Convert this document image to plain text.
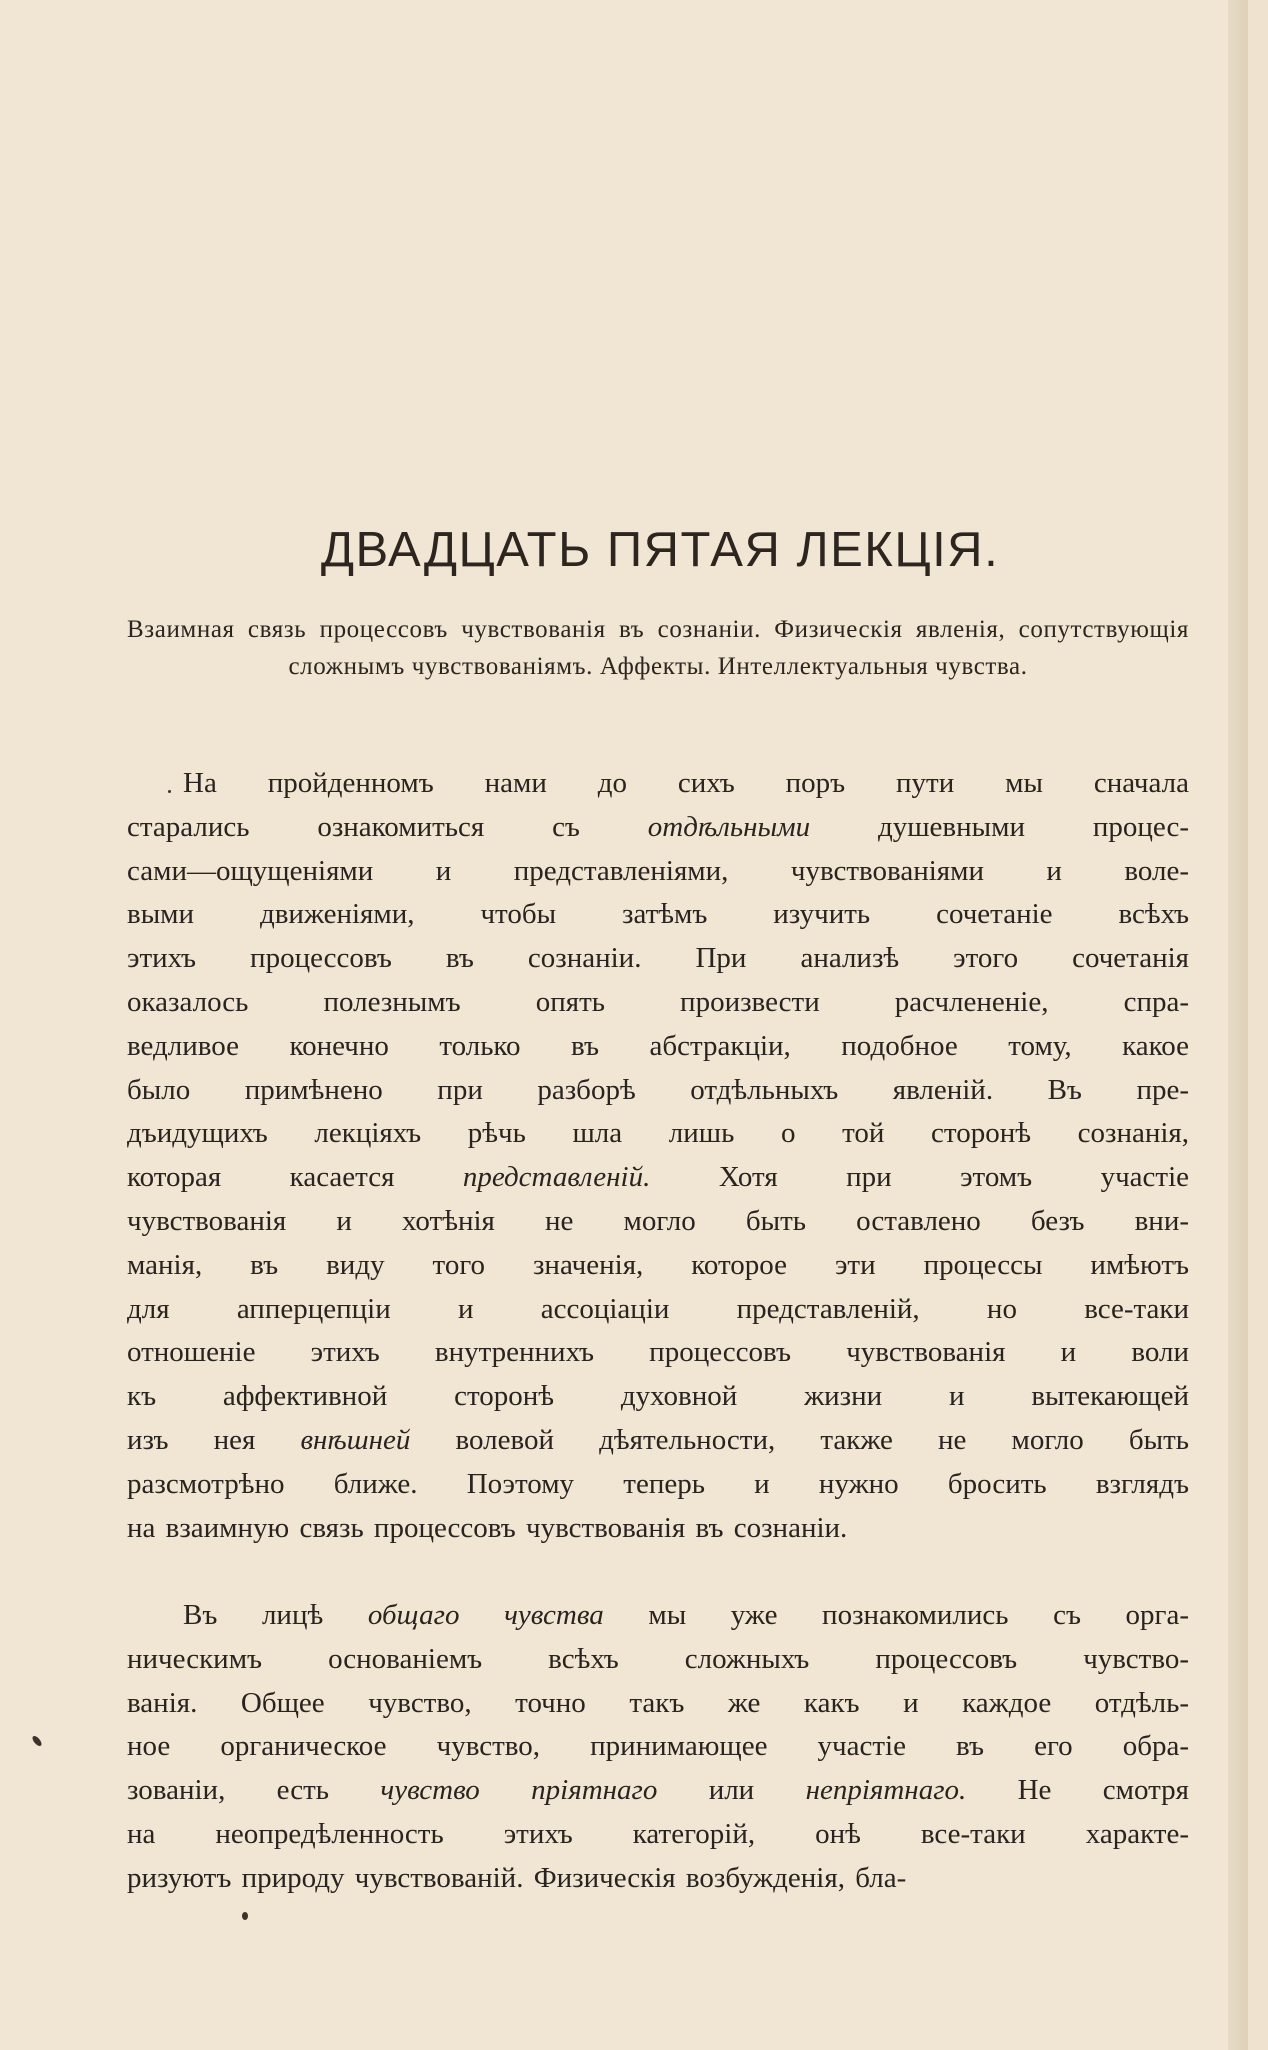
ДВАДЦАТЬ ПЯТАЯ ЛЕКЦIЯ.
Взаимная связь процессовъ чувствованiя въ сознанiи. Физическiя явленiя, сопутствующiя сложнымъ чувствованiямъ. Аффекты. Интеллектуальныя чувства.
На пройденномъ нами до сихъ поръ пути мы сначала
старались ознакомиться съ отдѣльными душевными процес-
сами—ощущенiями и представленiями, чувствованiями и воле-
выми движенiями, чтобы затѣмъ изучить сочетанiе всѣхъ
этихъ процессовъ въ сознанiи. При анализѣ этого сочетанiя
оказалось полезнымъ опять произвести расчлененiе, спра-
ведливое конечно только въ абстракцiи, подобное тому, какое
было примѣнено при разборѣ отдѣльныхъ явленiй. Въ пре-
дъидущихъ лекцiяхъ рѣчь шла лишь о той сторонѣ сознанiя,
которая касается представленiй. Хотя при этомъ участiе
чувствованiя и хотѣнiя не могло быть оставлено безъ вни-
манiя, въ виду того значенiя, которое эти процессы имѣютъ
для апперцепцiи и ассоцiацiи представленiй, но все-таки
отношенiе этихъ внутреннихъ процессовъ чувствованiя и воли
къ аффективной сторонѣ духовной жизни и вытекающей
изъ нея внѣшней волевой дѣятельности, также не могло быть
разсмотрѣно ближе. Поэтому теперь и нужно бросить взглядъ
на взаимную связь процессовъ чувствованiя въ сознанiи.
Въ лицѣ общаго чувства мы уже познакомились съ орга-
ническимъ основанiемъ всѣхъ сложныхъ процессовъ чувство-
ванiя. Общее чувство, точно такъ же какъ и каждое отдѣль-
ное органическое чувство, принимающее участiе въ его обра-
зованiи, есть чувство прiятнаго или непрiятнаго. Не смотря
на неопредѣленность этихъ категорiй, онѣ все-таки характе-
ризуютъ природу чувствованiй. Физическiя возбужденiя, бла-
